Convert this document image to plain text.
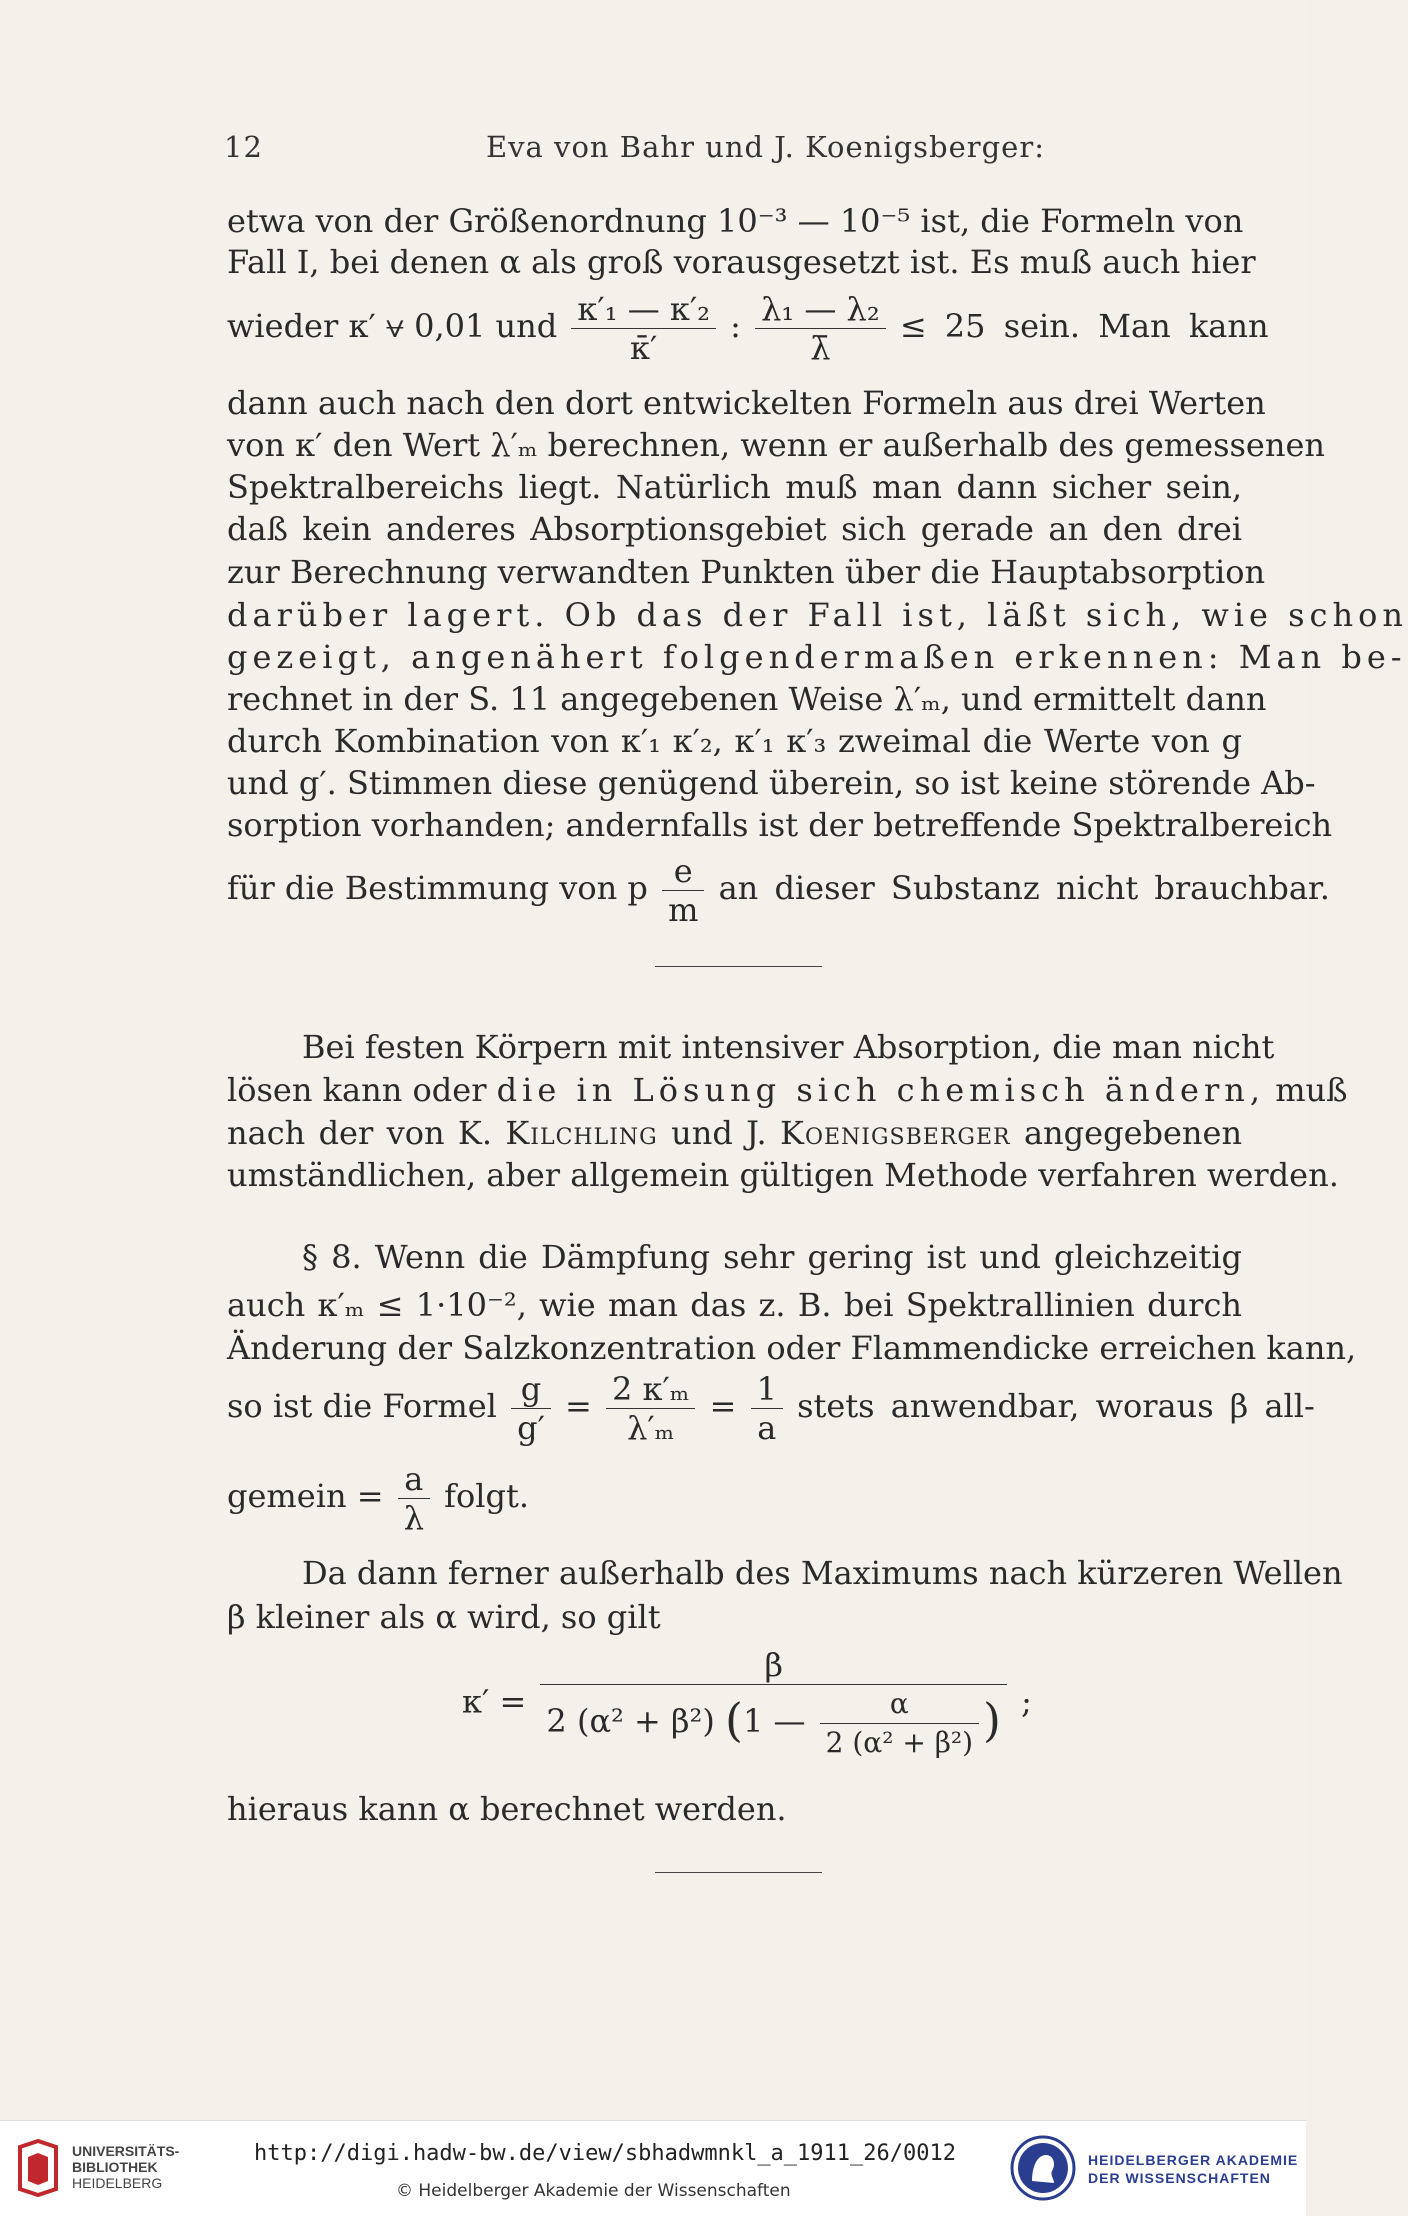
12	Eva von Bahr und J. Koenigsberger:
etwa von der Größenordnung 10⁻³ — 10⁻⁵ ist, die Formeln von
Fall I, bei denen α als groß vorausgesetzt ist. Es muß auch hier
wieder κ′ ⩝ 0,01 und $\frac{\text{κ′₁ — κ′₂}}{\kappā'}$ : $\frac{\text{λ₁ — λ₂}}{\lambdā} \le 25$ sein. Man kann
dann auch nach den dort entwickelten Formeln aus drei Werten
von κ′ den Wert λ′ₘ berechnen, wenn er außerhalb des gemessenen
Spektralbereichs liegt. Natürlich muß man dann sicher sein,
daß kein anderes Absorptionsgebiet sich gerade an den drei
zur Berechnung verwandten Punkten über die Hauptabsorption
darüber lagert. Ob das der Fall ist, läßt sich, wie schon
gezeigt, angenähert folgendermaßen erkennen: Man be-
rechnet in der S. 11 angegebenen Weise λ′ₘ, und ermittelt dann
durch Kombination von κ′₁ κ′₂, κ′₁ κ′₃ zweimal die Werte von g
und g′. Stimmen diese genügend überein, so ist keine störende Ab-
sorption vorhanden; andernfalls ist der betreffende Spektralbereich
für die Bestimmung von p $\frac{e}{m}$ an dieser Substanz nicht brauchbar.
Bei festen Körpern mit intensiver Absorption, die man nicht
lösen kann oder die in Lösung sich chemisch ändern, muß
nach der von K. Kilchling und J. Koenigsberger angegebenen
umständlichen, aber allgemein gültigen Methode verfahren werden.
§ 8. Wenn die Dämpfung sehr gering ist und gleichzeitig
auch κ′ₘ ≤ 1·10⁻², wie man das z. B. bei Spektrallinien durch
Änderung der Salzkonzentration oder Flammendicke erreichen kann,
so ist die Formel $\frac{g}{g'} = \frac{\text{2 κ′ₘ}}{\text{λ′ₘ}} = \frac{1}{a}$ stets anwendbar, woraus β all-
gemein = $\frac{a}{\lambda} folgt$.
Da dann ferner außerhalb des Maximums nach kürzeren Wellen
β kleiner als α wird, so gilt
κ′ =
β
2 (α² + β²) (1 — $\frac{\alpha}{\text{2 (α² + β²)}}$ ) ;
hieraus kann α berechnet werden.
UNIVERSITÄTS-
BIBLIOTHEK
HEIDELBERG
http://digi.hadw-bw.de/view/sbhadwmnkl_a_1911_26/0012
© Heidelberger Akademie der Wissenschaften
HEIDELBERGER AKADEMIE
DER WISSENSCHAFTEN
